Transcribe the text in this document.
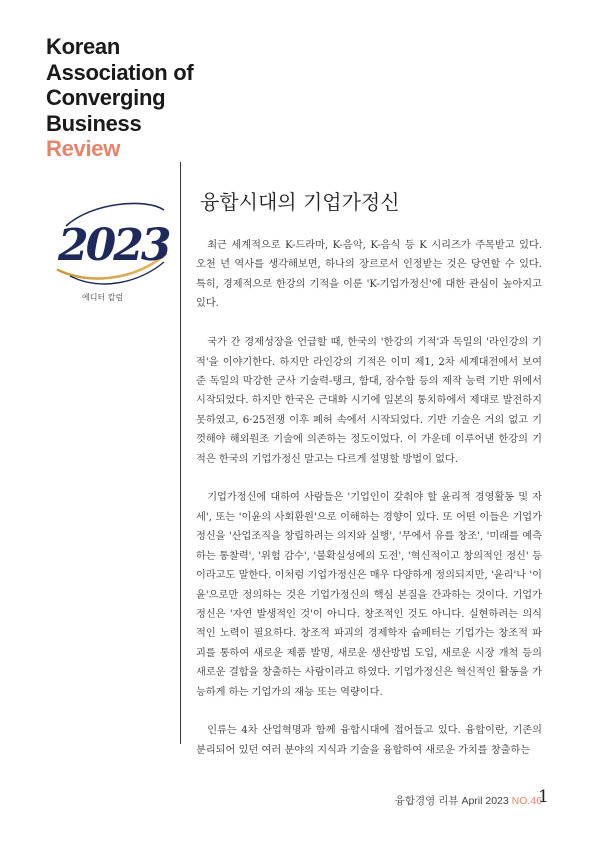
Korean
Association of
Converging
Business
Review
2023
에디터 칼럼
융합시대의 기업가정신

최근 세계적으로 K-드라마, K-음악, K-음식 등 K 시리즈가 주목받고 있다. 오천 년 역사를 생각해보면, 하나의 장르로서 인정받는 것은 당연할 수 있다. 특히, 경제적으로 한강의 기적을 이룬 'K-기업가정신'에 대한 관심이 높아지고 있다.

국가 간 경제성장을 언급할 때, 한국의 '한강의 기적'과 독일의 '라인강의 기적'을 이야기한다. 하지만 라인강의 기적은 이미 제1, 2차 세계대전에서 보여준 독일의 막강한 군사 기술력-탱크, 함대, 잠수함 등의 제작 능력 기반 위에서 시작되었다. 하지만 한국은 근대화 시기에 일본의 통치하에서 제대로 발전하지 못하였고, 6·25전쟁 이후 폐허 속에서 시작되었다. 기반 기술은 거의 없고 기껏해야 해외원조 기술에 의존하는 정도이었다. 이 가운데 이루어낸 한강의 기적은 한국의 기업가정신 말고는 다르게 설명할 방법이 없다.

기업가정신에 대하여 사람들은 '기업인이 갖춰야 할 윤리적 경영활동 및 자세', 또는 '이윤의 사회환원'으로 이해하는 경향이 있다. 또 어떤 이들은 기업가정신을 '산업조직을 창립하려는 의지와 실행', '무에서 유를 창조', '미래를 예측하는 통찰력', '위험 감수', '불확실성에의 도전', '혁신적이고 창의적인 정신' 등이라고도 말한다. 이처럼 기업가정신은 매우 다양하게 정의되지만, '윤리'나 '이윤'으로만 정의하는 것은 기업가정신의 핵심 본질을 간과하는 것이다. 기업가정신은 '자연 발생적인 것'이 아니다. 창조적인 것도 아니다. 실현하려는 의식적인 노력이 필요하다. 창조적 파괴의 경제학자 슘페터는 기업가는 창조적 파괴를 통하여 새로운 제품 발명, 새로운 생산방법 도입, 새로운 시장 개척 등의 새로운 결합을 창출하는 사람이라고 하였다. 기업가정신은 혁신적인 활동을 가능하게 하는 기업가의 재능 또는 역량이다.

인류는 4차 산업혁명과 함께 융합시대에 접어들고 있다. 융합이란, 기존의 분리되어 있던 여러 분야의 지식과 기술을 융합하여 새로운 가치를 창출하는

융합경영 리뷰 April 2023 NO.46
1
